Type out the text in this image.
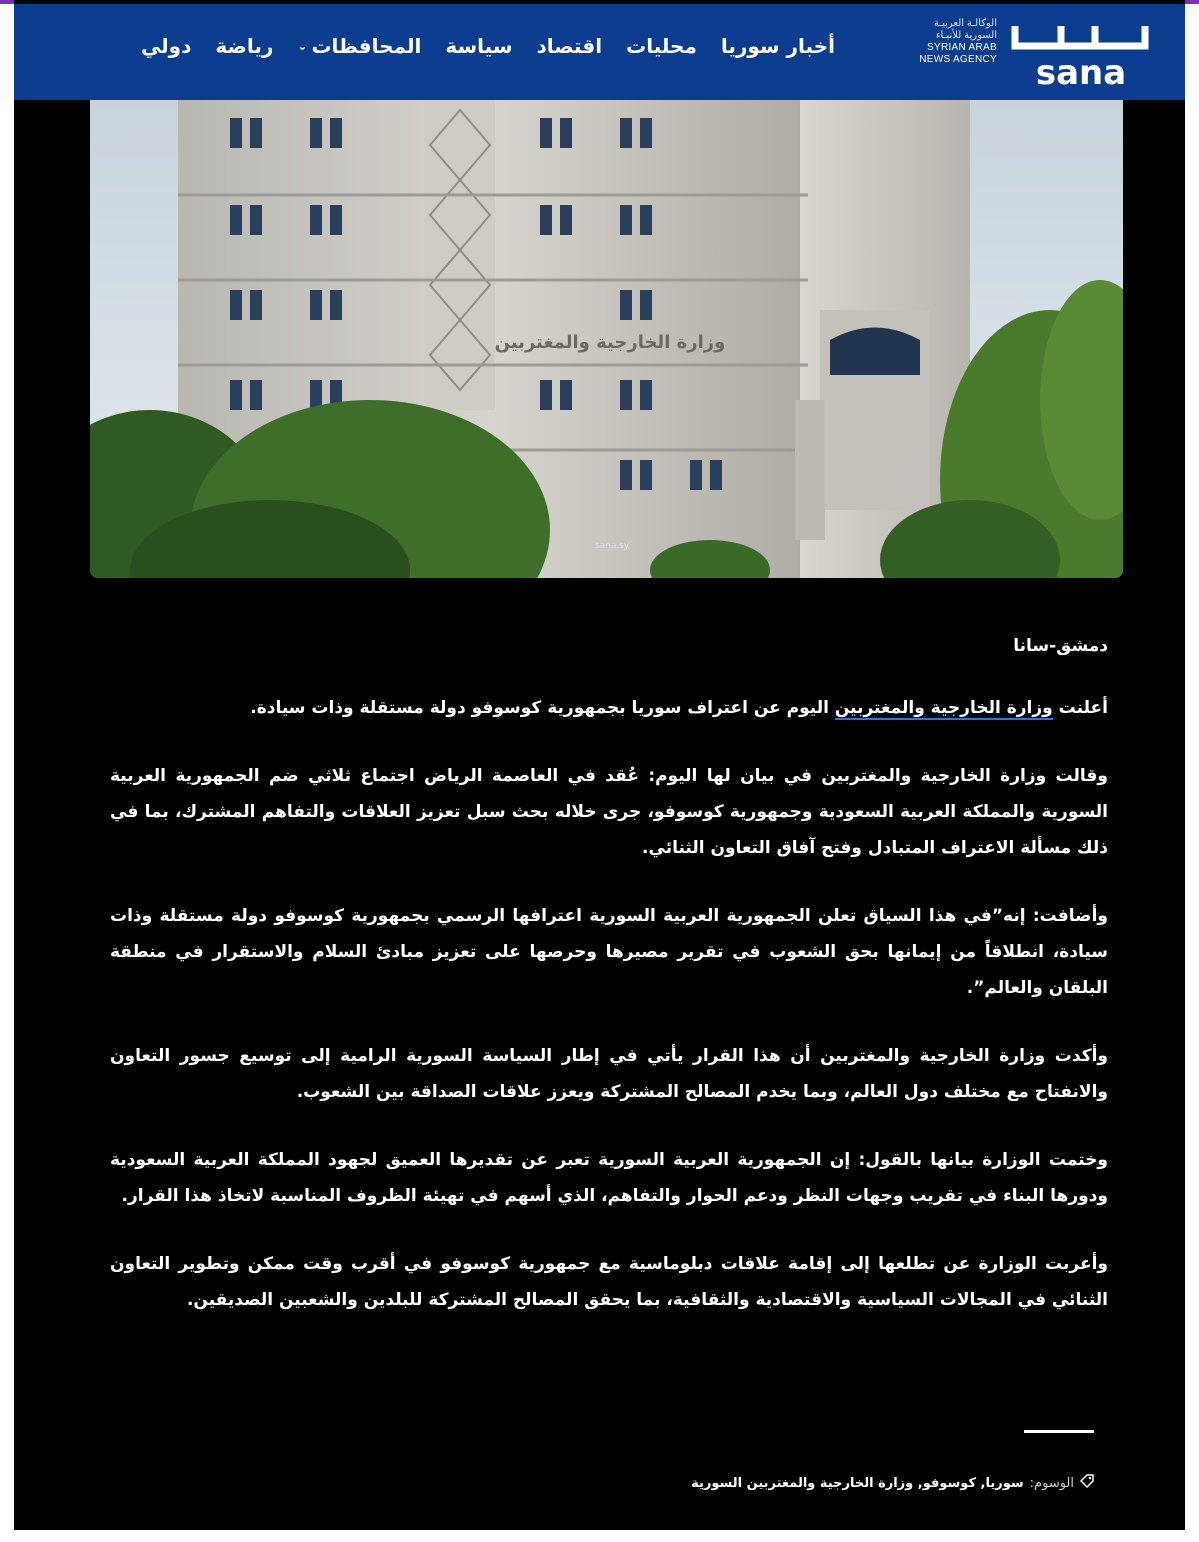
sana
الوكالـة العربيـة
السورية للأنبـاء
SYRIAN ARAB
NEWS AGENCY
أخبار سوريا
محليات
اقتصاد
سياسة
المحافظات
⌄
رياضة
دولي
وزارة الخارجية والمغتربين
sana.sy

دمشق-سانا

أعلنت وزارة الخارجية والمغتربين اليوم عن اعتراف سوريا بجمهورية كوسوفو دولة مستقلة وذات سيادة.

وقالت وزارة الخارجية والمغتربين في بيان لها اليوم: عُقد في العاصمة الرياض اجتماع ثلاثي ضم الجمهورية العربية السورية والمملكة العربية السعودية وجمهورية كوسوفو، جرى خلاله بحث سبل تعزيز العلاقات والتفاهم المشترك، بما في ذلك مسألة الاعتراف المتبادل وفتح آفاق التعاون الثنائي.

وأضافت: إنه”في هذا السياق تعلن الجمهورية العربية السورية اعترافها الرسمي بجمهورية كوسوفو دولة مستقلة وذات سيادة، انطلاقاً من إيمانها بحق الشعوب في تقرير مصيرها وحرصها على تعزيز مبادئ السلام والاستقرار في منطقة البلقان والعالم”.

وأكدت وزارة الخارجية والمغتربين أن هذا القرار يأتي في إطار السياسة السورية الرامية إلى توسيع جسور التعاون والانفتاح مع مختلف دول العالم، وبما يخدم المصالح المشتركة ويعزز علاقات الصداقة بين الشعوب.

وختمت الوزارة بيانها بالقول: إن الجمهورية العربية السورية تعبر عن تقديرها العميق لجهود المملكة العربية السعودية ودورها البناء في تقريب وجهات النظر ودعم الحوار والتفاهم، الذي أسهم في تهيئة الظروف المناسبة لاتخاذ هذا القرار.

وأعربت الوزارة عن تطلعها إلى إقامة علاقات دبلوماسية مع جمهورية كوسوفو في أقرب وقت ممكن وتطوير التعاون الثنائي في المجالات السياسية والاقتصادية والثقافية، بما يحقق المصالح المشتركة للبلدين والشعبين الصديقين.

الوسوم:
سوريا, كوسوفو, وزارة الخارجية والمغتربين السورية
